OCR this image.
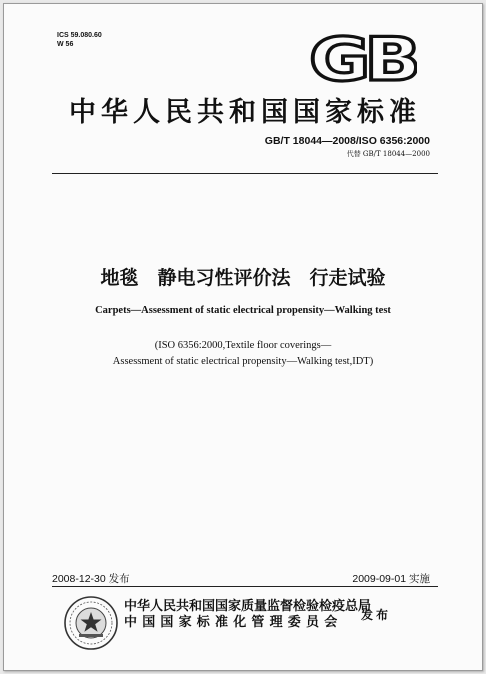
ICS 59.080.60
W 56	GB
中华人民共和国国家标准
GB/T 18044—2008/ISO 6356:2000
代替 GB/T 18044—2000
地毯　静电习性评价法　行走试验
Carpets—Assessment of static electrical propensity—Walking test
(ISO 6356:2000,Textile floor coverings—
Assessment of static electrical propensity—Walking test,IDT)
2008-12-30 发布	2009-09-01 实施
中华人民共和国国家质量监督检验检疫总局
中国国家标准化管理委员会	发布
